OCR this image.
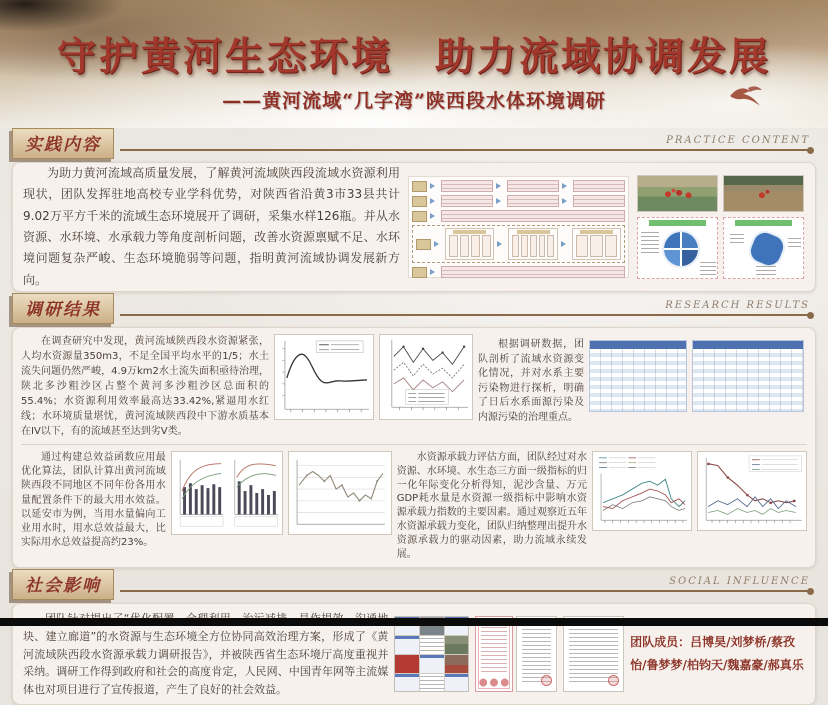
守护黄河生态环境　助力流域协调发展
——黄河流域“几字湾”陕西段水体环境调研
实践内容	PRACTICE CONTENT
为助力黄河流域高质量发展，了解黄河流域陕西段流域水资源利用现状，团队发挥驻地高校专业学科优势，对陕西省沿黄3市33县共计9.02万平方千米的流域生态环境展开了调研，采集水样126瓶。并从水资源、水环境、水承载力等角度剖析问题，改善水资源禀赋不足、水环境问题复杂严峻、生态环境脆弱等问题，指明黄河流域协调发展新方向。
调研结果	RESEARCH RESULTS
在调查研究中发现，黄河流域陕西段水资源紧张，人均水资源量350m3，不足全国平均水平的1/5；水土流失问题仍然严峻，4.9万km2水土流失面积亟待治理，陕北多沙粗沙区占整个黄河多沙粗沙区总面积的55.4%；水资源利用效率最高达33.42%,紧逼用水红线；水环境质量堪忧，黄河流域陕西段中下游水质基本在IV以下，有的流域甚至达到劣V类。
根据调研数据，团队剖析了流域水资源变化情况，并对水系主要污染物进行探析，明确了日后水系面源污染及内源污染的治理重点。
通过构建总效益函数应用最优化算法，团队计算出黄河流域陕西段不同地区不同年份各用水量配置条件下的最大用水效益。以延安市为例，当用水量偏向工业用水时，用水总效益最大，比实际用水总效益提高约23%。
水资源承载力评估方面，团队经过对水资源、水环境、水生态三方面一级指标的归一化年际变化分析得知，泥沙含量、万元GDP耗水量是水资源一级指标中影响水资源承载力指数的主要因素。通过观察近五年水资源承载力变化，团队归纳整理出提升水资源承载力的驱动因素，助力流域永续发展。
社会影响	SOCIAL INFLUENCE
块、建立廊道”的水资源与生态环境全方位协同高效治理方案，形成了《黄河流域陕西段水资源承载力调研报告》，并被陕西省生态环境厅高度重视并采纳。调研工作得到政府和社会的高度肯定，人民网、中国青年网等主流媒体也对项目进行了宣传报道，产生了良好的社会效益。
团队成员：吕博昊/刘梦桥/蔡孜怡/鲁梦梦/柏钧天/魏嘉豪/郝真乐
